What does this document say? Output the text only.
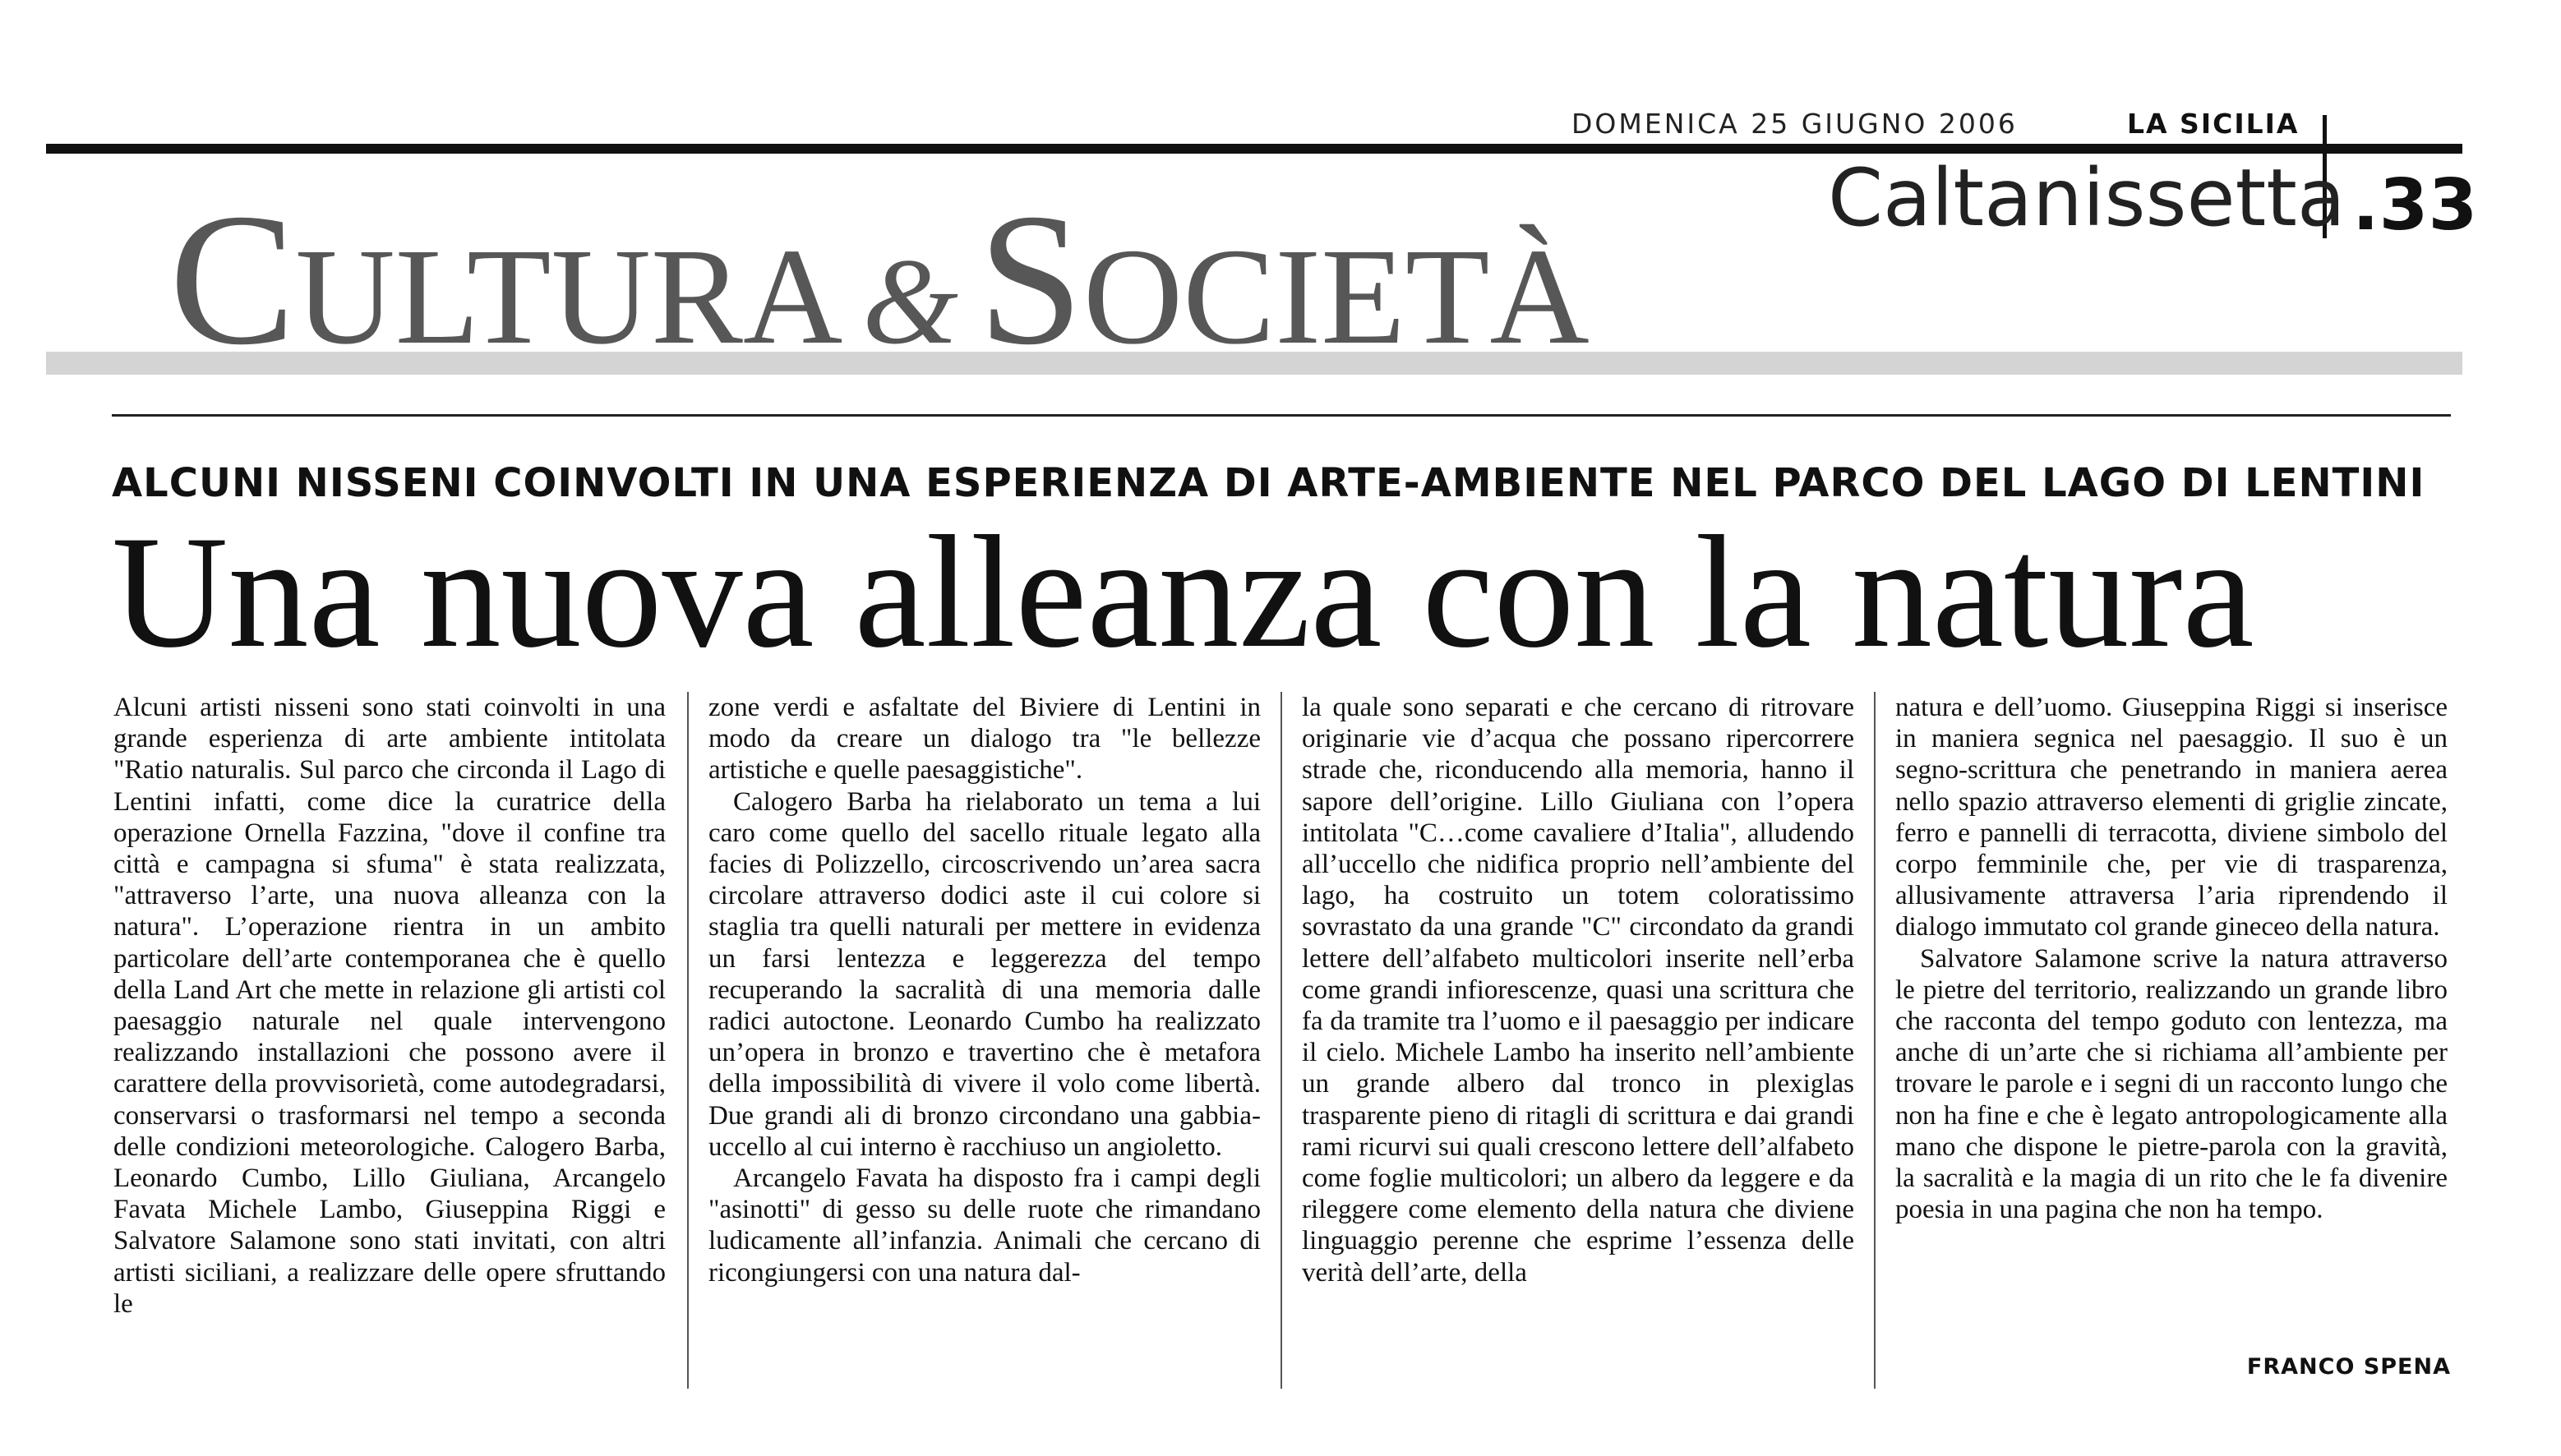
DOMENICA 25 GIUGNO 2006	LA SICILIA
Caltanissetta .33
CULTURA & SOCIETÀ
ALCUNI NISSENI COINVOLTI IN UNA ESPERIENZA DI ARTE-AMBIENTE NEL PARCO DEL LAGO DI LENTINI
Una nuova alleanza con la natura

Alcuni artisti nisseni sono stati coinvolti in una grande esperienza di arte ambiente intitolata "Ratio naturalis. Sul parco che circonda il Lago di Lentini infatti, come dice la curatrice della operazione Ornella Fazzina, "dove il confine tra città e campagna si sfuma" è stata realizzata, "attraverso l’arte, una nuova alleanza con la natura". L’operazione rientra in un ambito particolare dell’arte contemporanea che è quello della Land Art che mette in relazione gli artisti col paesaggio naturale nel quale intervengono realizzando installazioni che possono avere il carattere della provvisorietà, come autodegradarsi, conservarsi o trasformarsi nel tempo a seconda delle condizioni meteorologiche. Calogero Barba, Leonardo Cumbo, Lillo Giuliana, Arcangelo Favata Michele Lambo, Giuseppina Riggi e Salvatore Salamone sono stati invitati, con altri artisti siciliani, a realizzare delle opere sfruttando le

zone verdi e asfaltate del Biviere di Lentini in modo da creare un dialogo tra "le bellezze artistiche e quelle paesaggistiche".

Calogero Barba ha rielaborato un tema a lui caro come quello del sacello rituale legato alla facies di Polizzello, circoscrivendo un’area sacra circolare attraverso dodici aste il cui colore si staglia tra quelli naturali per mettere in evidenza un farsi lentezza e leggerezza del tempo recuperando la sacralità di una memoria dalle radici autoctone. Leonardo Cumbo ha realizzato un’opera in bronzo e travertino che è metafora della impossibilità di vivere il volo come libertà. Due grandi ali di bronzo circondano una gabbia-uccello al cui interno è racchiuso un angioletto.

Arcangelo Favata ha disposto fra i campi degli "asinotti" di gesso su delle ruote che rimandano ludicamente all’infanzia. Animali che cercano di ricongiungersi con una natura dal-

la quale sono separati e che cercano di ritrovare originarie vie d’acqua che possano ripercorrere strade che, riconducendo alla memoria, hanno il sapore dell’origine. Lillo Giuliana con l’opera intitolata "C…come cavaliere d’Italia", alludendo all’uccello che nidifica proprio nell’ambiente del lago, ha costruito un totem coloratissimo sovrastato da una grande "C" circondato da grandi lettere dell’alfabeto multicolori inserite nell’erba come grandi infiorescenze, quasi una scrittura che fa da tramite tra l’uomo e il paesaggio per indicare il cielo. Michele Lambo ha inserito nell’ambiente un grande albero dal tronco in plexiglas trasparente pieno di ritagli di scrittura e dai grandi rami ricurvi sui quali crescono lettere dell’alfabeto come foglie multicolori; un albero da leggere e da rileggere come elemento della natura che diviene linguaggio perenne che esprime l’essenza delle verità dell’arte, della

natura e dell’uomo. Giuseppina Riggi si inserisce in maniera segnica nel paesaggio. Il suo è un segno-scrittura che penetrando in maniera aerea nello spazio attraverso elementi di griglie zincate, ferro e pannelli di terracotta, diviene simbolo del corpo femminile che, per vie di trasparenza, allusivamente attraversa l’aria riprendendo il dialogo immutato col grande gineceo della natura.

Salvatore Salamone scrive la natura attraverso le pietre del territorio, realizzando un grande libro che racconta del tempo goduto con lentezza, ma anche di un’arte che si richiama all’ambiente per trovare le parole e i segni di un racconto lungo che non ha fine e che è legato antropologicamente alla mano che dispone le pietre-parola con la gravità, la sacralità e la magia di un rito che le fa divenire poesia in una pagina che non ha tempo.

FRANCO SPENA
